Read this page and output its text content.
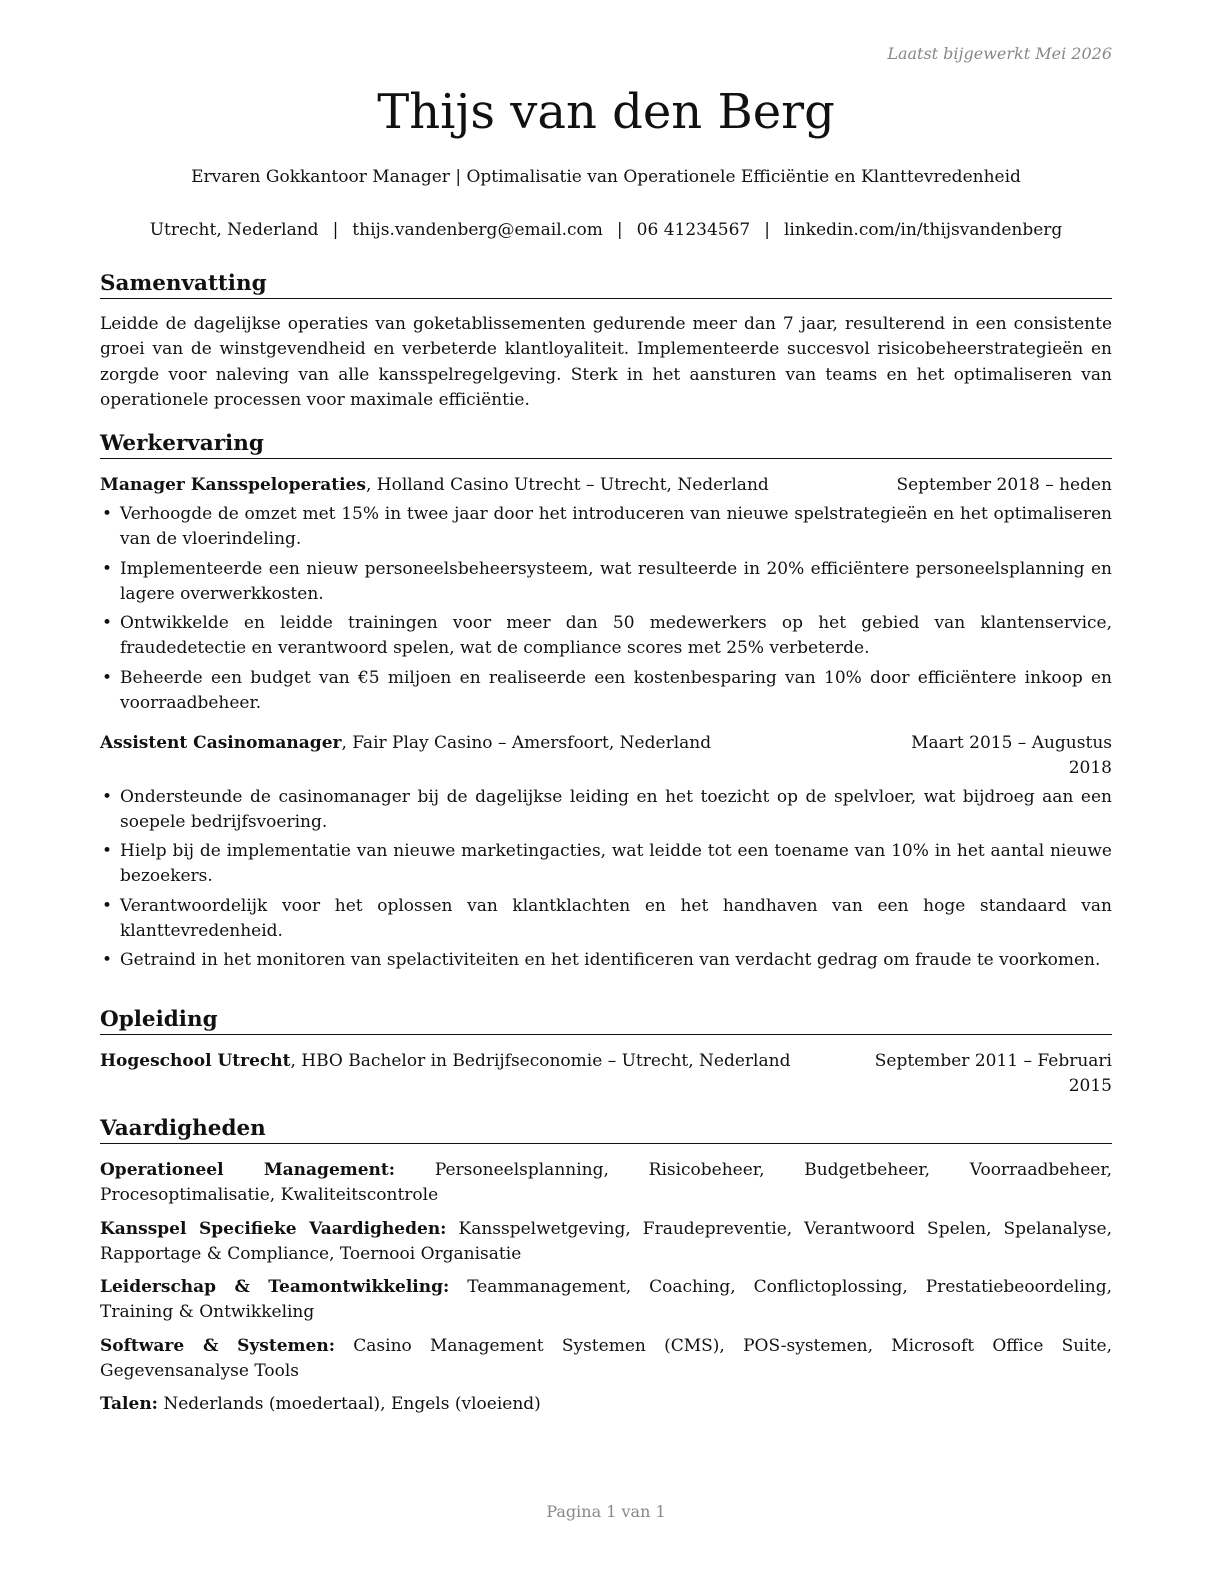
Laatst bijgewerkt Mei 2026
Thijs van den Berg
Ervaren Gokkantoor Manager | Optimalisatie van Operationele Efficiëntie en Klanttevredenheid
Utrecht, Nederland | thijs.vandenberg@email.com | 06 41234567 | linkedin.com/in/thijsvandenberg
Samenvatting

Leidde de dagelijkse operaties van goketablissementen gedurende meer dan 7 jaar, resulterend in een consistente groei van de winstgevendheid en verbeterde klantloyaliteit. Implementeerde succesvol risicobeheerstrategieën en zorgde voor naleving van alle kansspelregelgeving. Sterk in het aansturen van teams en het optimaliseren van operationele processen voor maximale efficiëntie.

Werkervaring
Manager Kansspeloperaties, Holland Casino Utrecht – Utrecht, Nederland	September 2018 – heden
• Verhoogde de omzet met 15% in twee jaar door het introduceren van nieuwe spelstrategieën en het optimaliseren van de vloerindeling.
• Implementeerde een nieuw personeelsbeheersysteem, wat resulteerde in 20% efficiëntere personeelsplanning en lagere overwerkkosten.
• Ontwikkelde en leidde trainingen voor meer dan 50 medewerkers op het gebied van klantenservice, fraudedetectie en verantwoord spelen, wat de compliance scores met 25% verbeterde.
• Beheerde een budget van €5 miljoen en realiseerde een kostenbesparing van 10% door efficiëntere inkoop en voorraadbeheer.
Assistent Casinomanager, Fair Play Casino – Amersfoort, Nederland	Maart 2015 – Augustus 2018
• Ondersteunde de casinomanager bij de dagelijkse leiding en het toezicht op de spelvloer, wat bijdroeg aan een soepele bedrijfsvoering.
• Hielp bij de implementatie van nieuwe marketingacties, wat leidde tot een toename van 10% in het aantal nieuwe bezoekers.
• Verantwoordelijk voor het oplossen van klantklachten en het handhaven van een hoge standaard van klanttevredenheid.
• Getraind in het monitoren van spelactiviteiten en het identificeren van verdacht gedrag om fraude te voorkomen.
Opleiding
Hogeschool Utrecht, HBO Bachelor in Bedrijfseconomie – Utrecht, Nederland	September 2011 – Februari 2015
Vaardigheden

Operationeel Management: Personeelsplanning, Risicobeheer, Budgetbeheer, Voorraadbeheer, Procesoptimalisatie, Kwaliteitscontrole

Kansspel Specifieke Vaardigheden: Kansspelwetgeving, Fraudepreventie, Verantwoord Spelen, Spelanalyse, Rapportage & Compliance, Toernooi Organisatie

Leiderschap & Teamontwikkeling: Teammanagement, Coaching, Conflictoplossing, Prestatiebeoordeling, Training & Ontwikkeling

Software & Systemen: Casino Management Systemen (CMS), POS-systemen, Microsoft Office Suite, Gegevensanalyse Tools

Talen: Nederlands (moedertaal), Engels (vloeiend)

Pagina 1 van 1
